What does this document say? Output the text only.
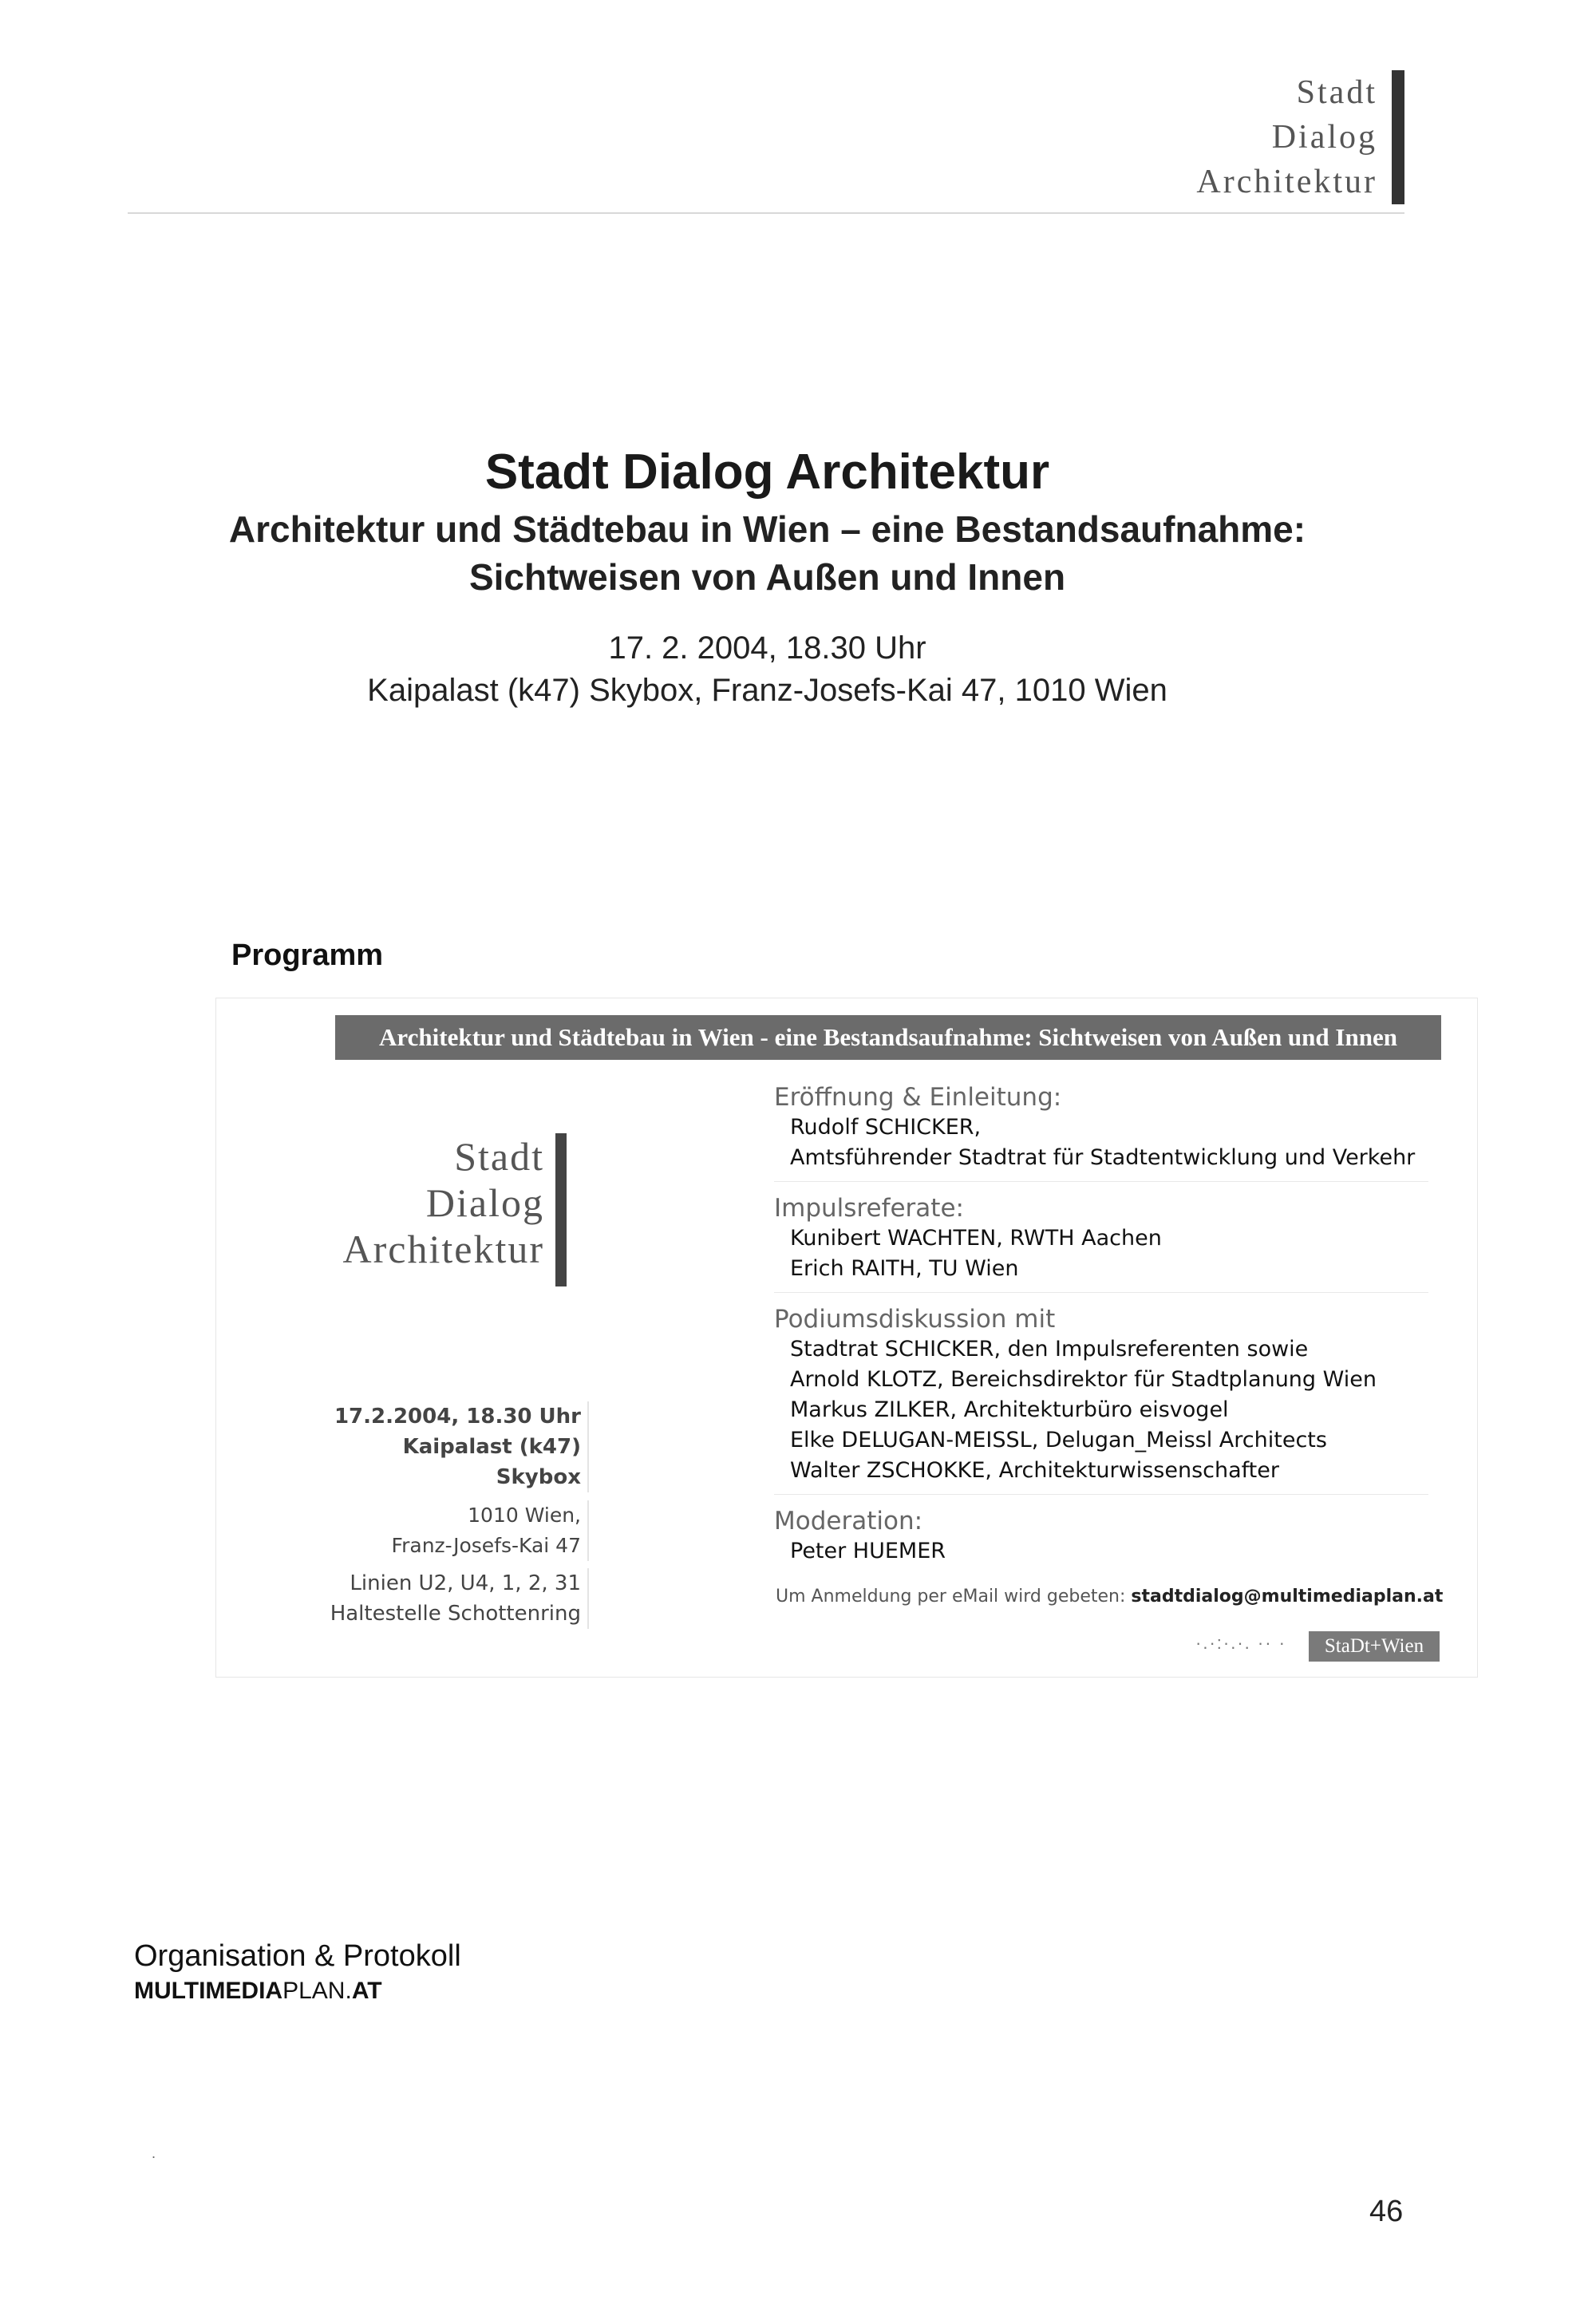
Stadt
Dialog
Architektur
Stadt Dialog Architektur
Architektur und Städtebau in Wien – eine Bestandsaufnahme:
Sichtweisen von Außen und Innen
17. 2. 2004, 18.30 Uhr
Kaipalast (k47) Skybox, Franz-Josefs-Kai 47, 1010 Wien
Programm
Architektur und Städtebau in Wien - eine Bestandsaufnahme: Sichtweisen von Außen und Innen
Stadt
Dialog
Architektur
17.2.2004, 18.30 Uhr
Kaipalast (k47)
Skybox
1010 Wien,
Franz-Josefs-Kai 47
Linien U2, U4, 1, 2, 31
Haltestelle Schottenring
Eröffnung & Einleitung:
Rudolf SCHICKER,
Amtsführender Stadtrat für Stadtentwicklung und Verkehr
Impulsreferate:
Kunibert WACHTEN, RWTH Aachen
Erich RAITH, TU Wien
Podiumsdiskussion mit
Stadtrat SCHICKER, den Impulsreferenten sowie
Arnold KLOTZ, Bereichsdirektor für Stadtplanung Wien
Markus ZILKER, Architekturbüro eisvogel
Elke DELUGAN-MEISSL, Delugan_Meissl Architects
Walter ZSCHOKKE, Architekturwissenschafter
Moderation:
Peter HUEMER
Um Anmeldung per eMail wird gebeten: stadtdialog@multimediaplan.at
·.·:·.·. ·· ·	StaDt+Wien
Organisation & Protokoll
MULTIMEDIAPLAN.AT
.
46
